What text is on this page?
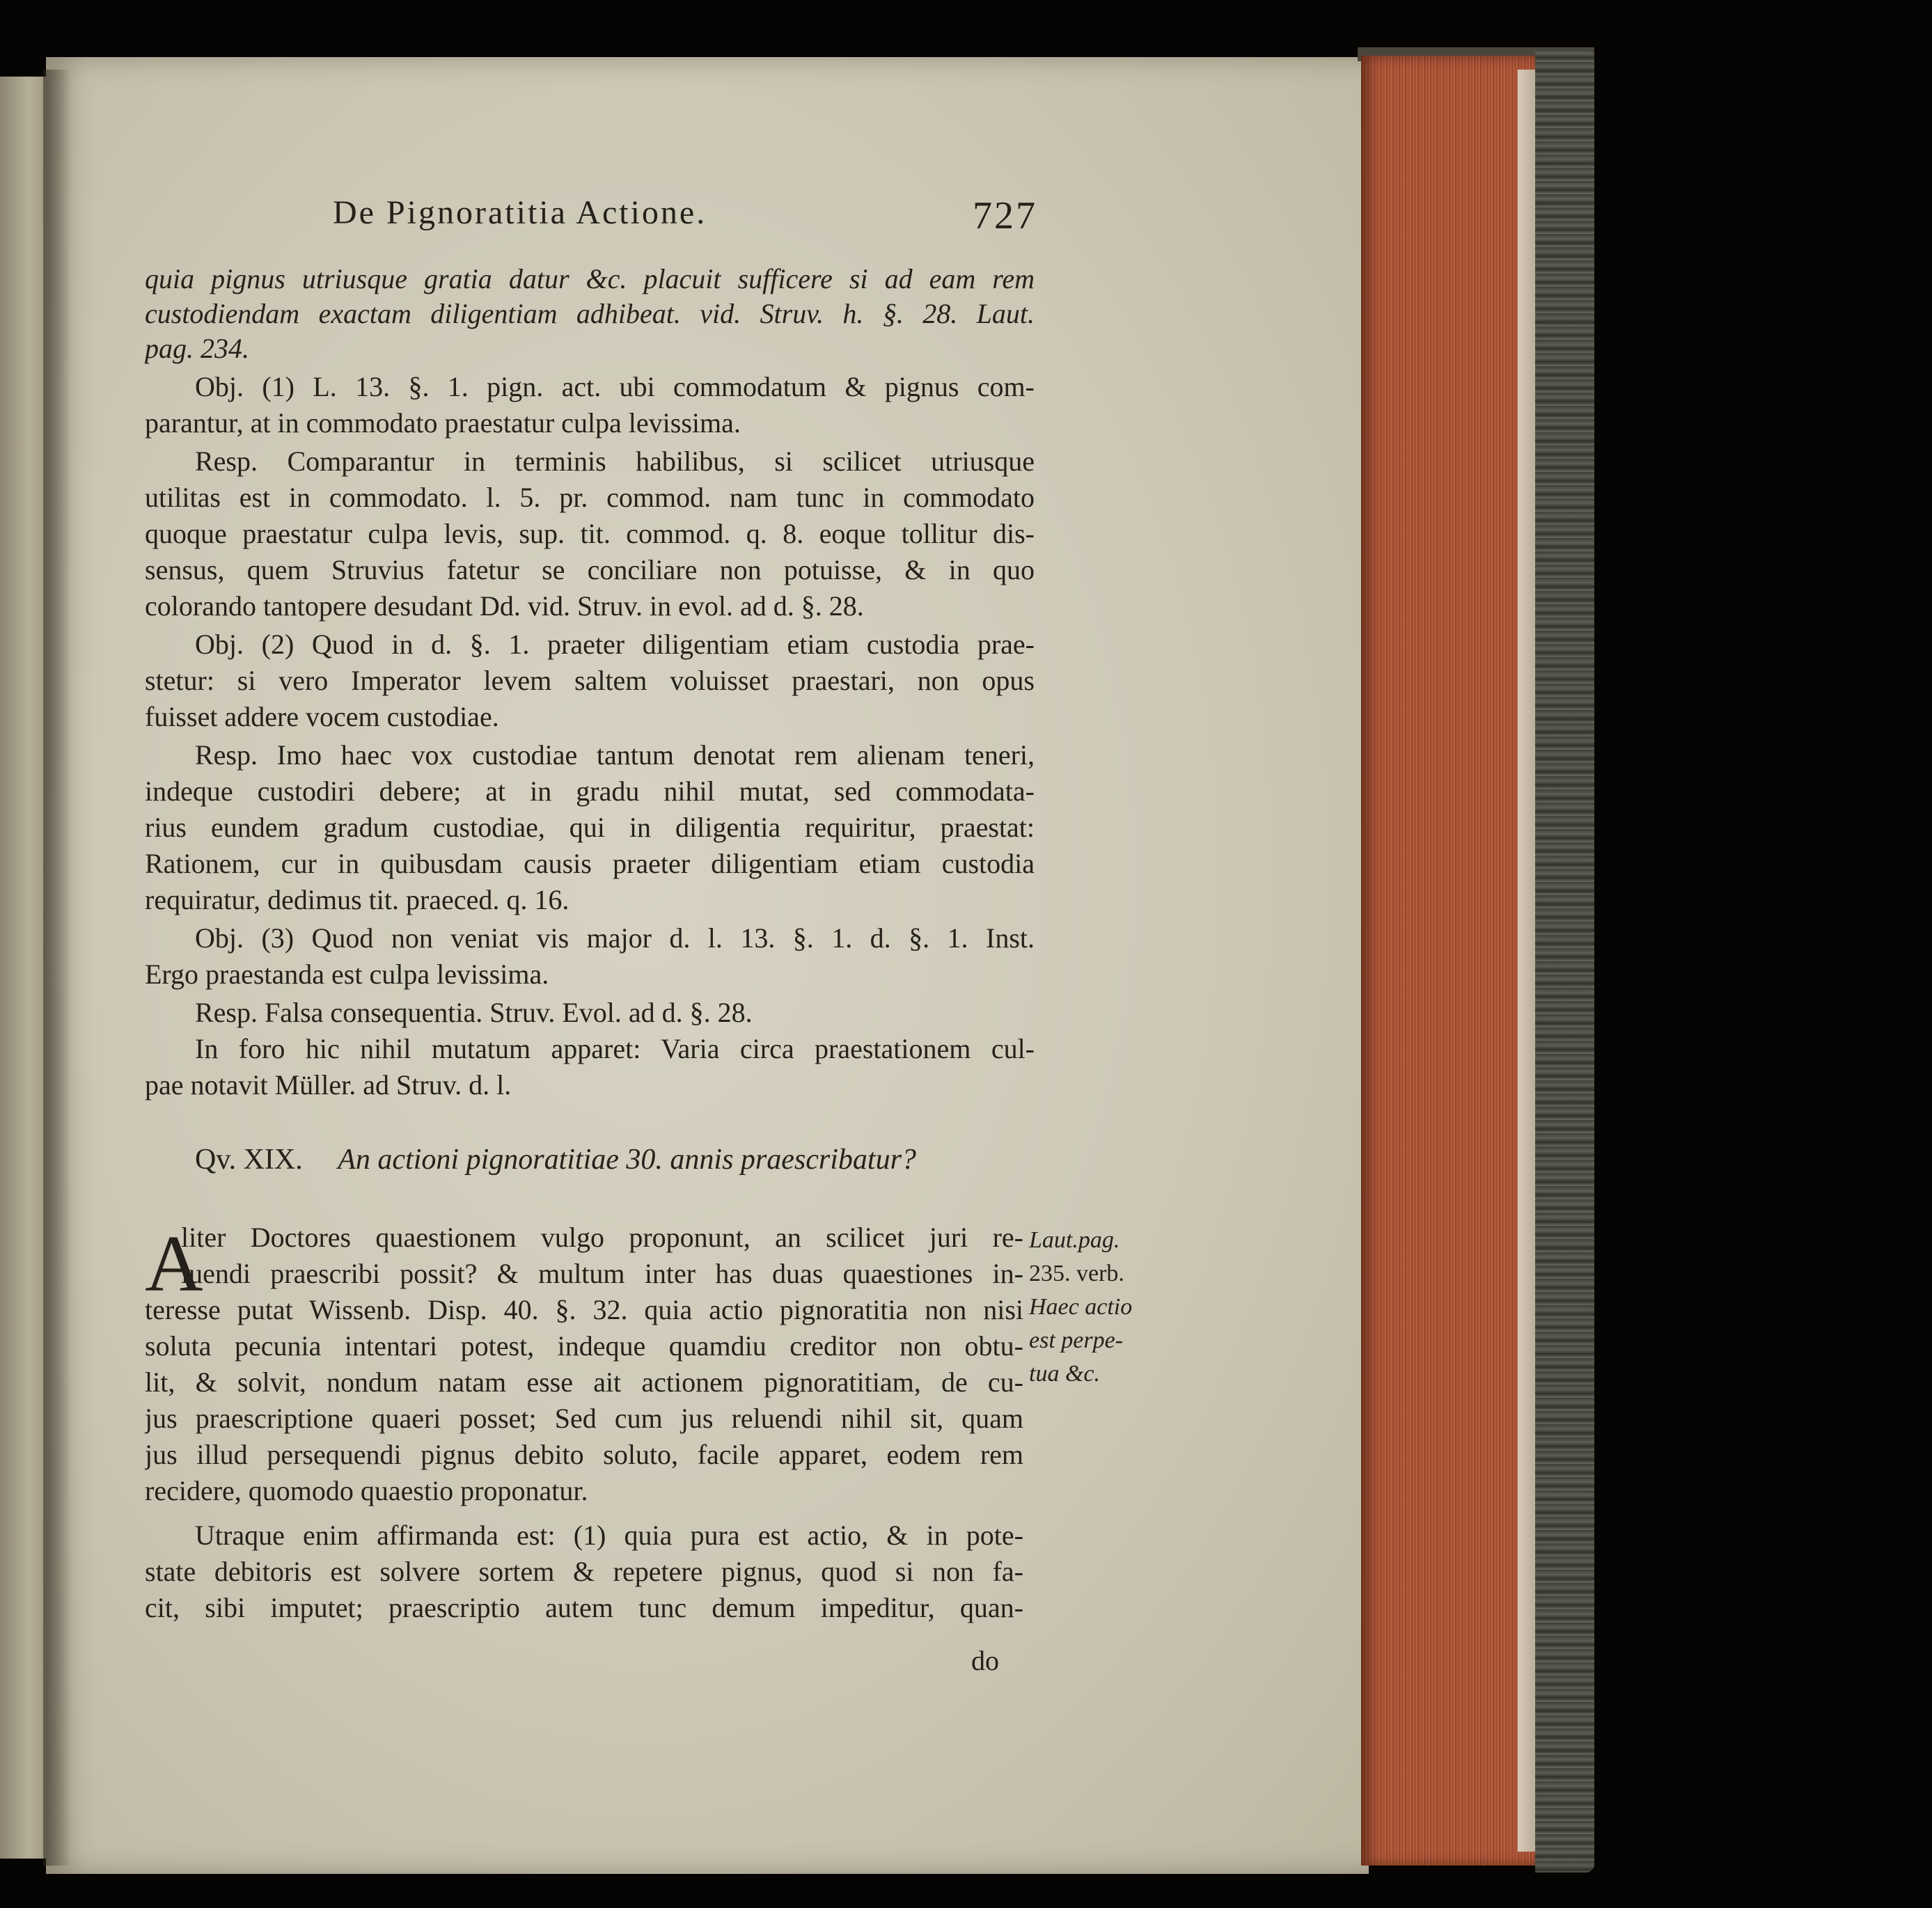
De Pignoratitia Actione.	727
quia pignus utriusque gratia datur &c. placuit sufficere si ad eam rem
custodiendam exactam diligentiam adhibeat. vid. Struv. h. §. 28. Laut.
pag. 234.
Obj. (1) L. 13. §. 1. pign. act. ubi commodatum & pignus com-
parantur, at in commodato praestatur culpa levissima.
Resp. Comparantur in terminis habilibus, si scilicet utriusque
utilitas est in commodato. l. 5. pr. commod. nam tunc in commodato
quoque praestatur culpa levis, sup. tit. commod. q. 8. eoque tollitur dis-
sensus, quem Struvius fatetur se conciliare non potuisse, & in quo
colorando tantopere desudant Dd. vid. Struv. in evol. ad d. §. 28.
Obj. (2) Quod in d. §. 1. praeter diligentiam etiam custodia prae-
stetur: si vero Imperator levem saltem voluisset praestari, non opus
fuisset addere vocem custodiae.
Resp. Imo haec vox custodiae tantum denotat rem alienam teneri,
indeque custodiri debere; at in gradu nihil mutat, sed commodata-
rius eundem gradum custodiae, qui in diligentia requiritur, praestat:
Rationem, cur in quibusdam causis praeter diligentiam etiam custodia
requiratur, dedimus tit. praeced. q. 16.
Obj. (3) Quod non veniat vis major d. l. 13. §. 1. d. §. 1. Inst.
Ergo praestanda est culpa levissima.
Resp. Falsa consequentia. Struv. Evol. ad d. §. 28.
In foro hic nihil mutatum apparet: Varia circa praestationem cul-
pae notavit Müller. ad Struv. d. l.
Qv. XIX. An actioni pignoratitiae 30. annis praescribatur?
A
liter Doctores quaestionem vulgo proponunt, an scilicet juri re-
luendi praescribi possit? & multum inter has duas quaestiones in-
teresse putat Wissenb. Disp. 40. §. 32. quia actio pignoratitia non nisi
soluta pecunia intentari potest, indeque quamdiu creditor non obtu-
lit, & solvit, nondum natam esse ait actionem pignoratitiam, de cu-
jus praescriptione quaeri posset; Sed cum jus reluendi nihil sit, quam
jus illud persequendi pignus debito soluto, facile apparet, eodem rem
recidere, quomodo quaestio proponatur.
Utraque enim affirmanda est: (1) quia pura est actio, & in pote-
state debitoris est solvere sortem & repetere pignus, quod si non fa-
cit, sibi imputet; praescriptio autem tunc demum impeditur, quan-
do
Laut.pag.
235. verb.
Haec actio
est perpe-
tua &c.
